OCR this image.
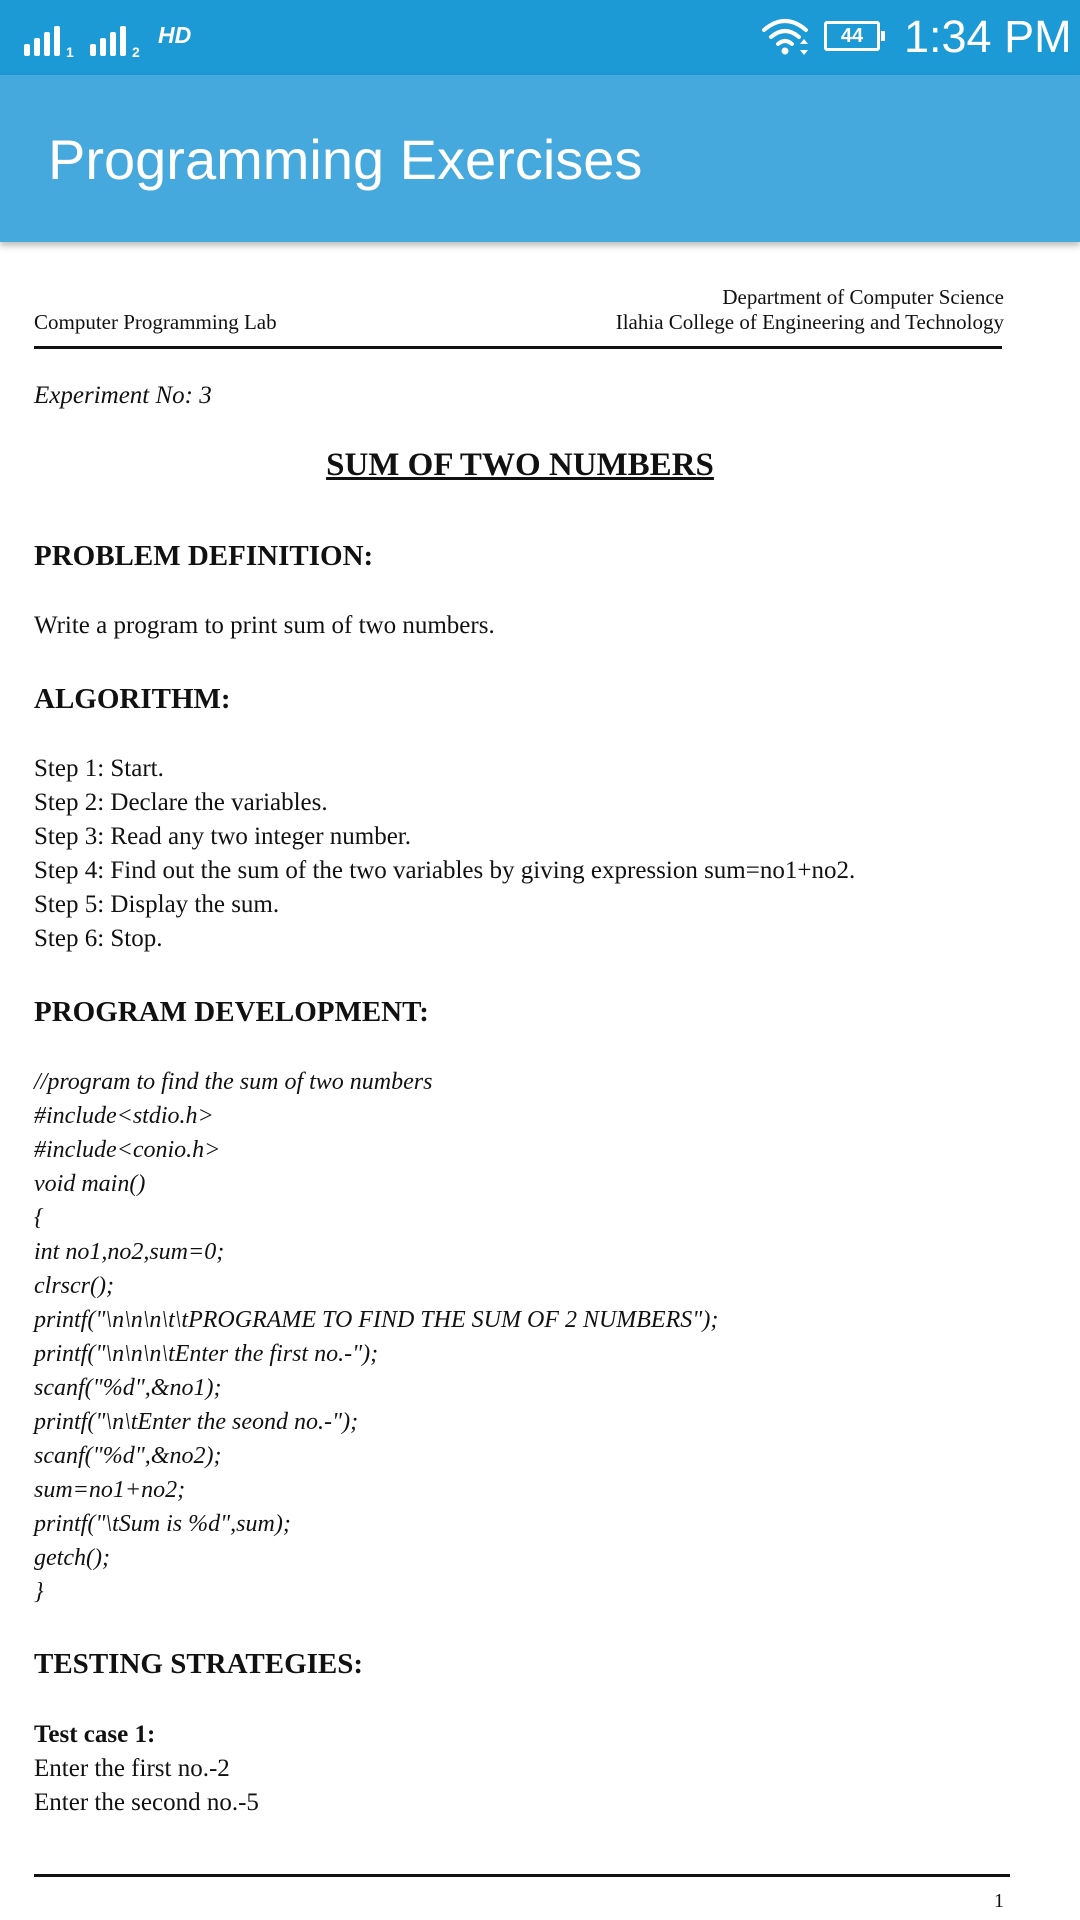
1	2
HD	44 1:34 PM
Programming Exercises
Department of Computer Science
Computer Programming Lab	Ilahia College of Engineering and Technology
Experiment No: 3
SUM OF TWO NUMBERS
PROBLEM DEFINITION:
Write a program to print sum of two numbers.
ALGORITHM:
Step 1: Start.
Step 2: Declare the variables.
Step 3: Read any two integer number.
Step 4: Find out the sum of the two variables by giving expression sum=no1+no2.
Step 5: Display the sum.
Step 6: Stop.
PROGRAM DEVELOPMENT:
//program to find the sum of two numbers
#include<stdio.h>
#include<conio.h>
void main()
{
int no1,no2,sum=0;
clrscr();
printf("\n\n\n\t\tPROGRAME TO FIND THE SUM OF 2 NUMBERS");
printf("\n\n\n\tEnter the first no.-");
scanf("%d",&no1);
printf("\n\tEnter the seond no.-");
scanf("%d",&no2);
sum=no1+no2;
printf("\tSum is %d",sum);
getch();
}
TESTING STRATEGIES:
Test case 1:
Enter the first no.-2
Enter the second no.-5
1
